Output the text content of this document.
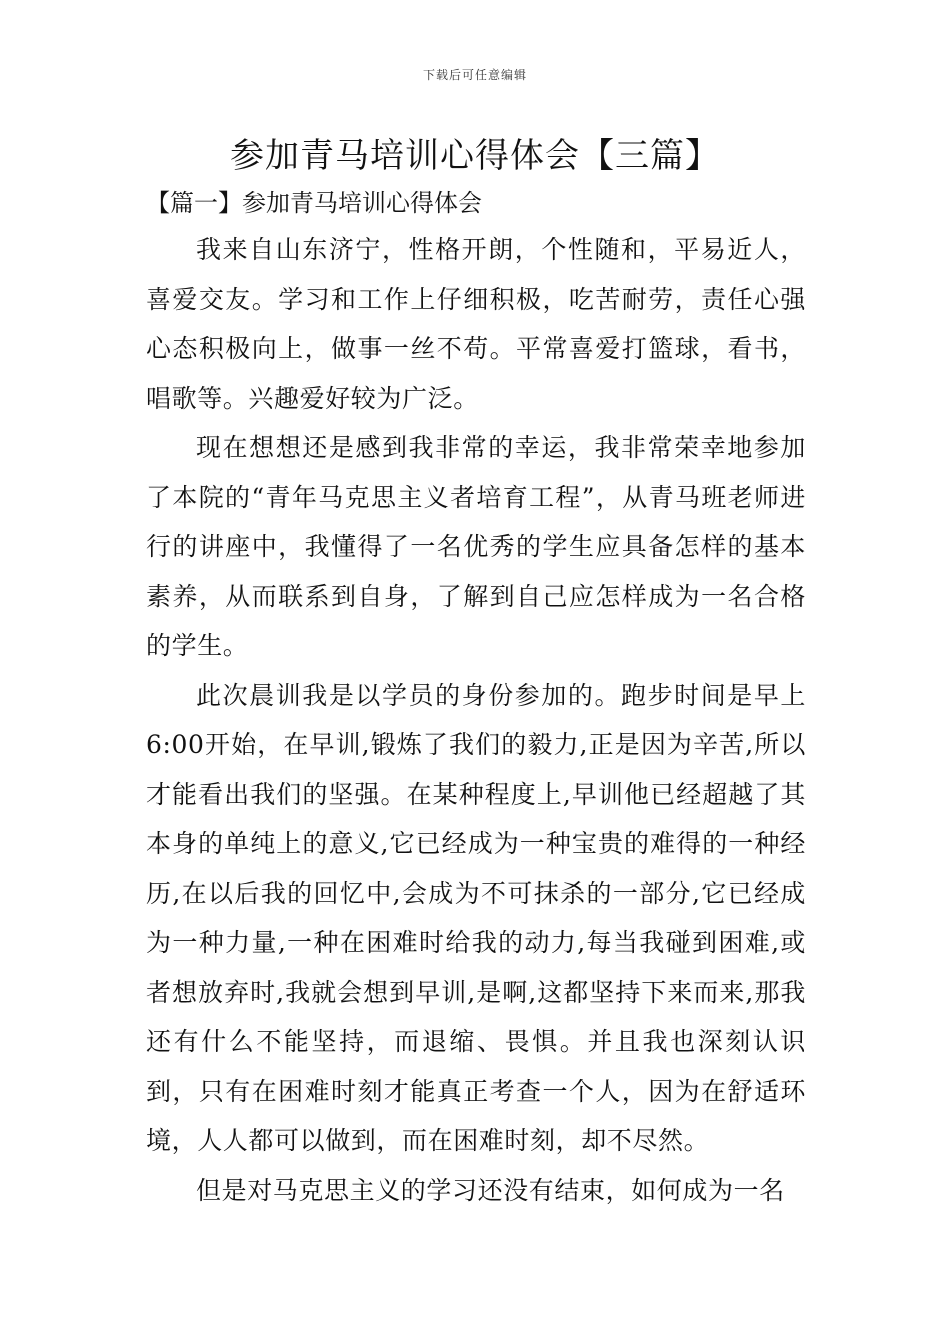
下载后可任意编辑
参加青马培训心得体会【三篇】
【篇一】参加青马培训心得体会

我来自山东济宁，性格开朗，个性随和，平易近人，喜爱交友。学习和工作上仔细积极，吃苦耐劳，责任心强心态积极向上，做事一丝不苟。平常喜爱打篮球，看书，唱歌等。兴趣爱好较为广泛。

现在想想还是感到我非常的幸运，我非常荣幸地参加了本院的“青年马克思主义者培育工程”，从青马班老师进行的讲座中，我懂得了一名优秀的学生应具备怎样的基本素养，从而联系到自身，了解到自己应怎样成为一名合格的学生。

此次晨训我是以学员的身份参加的。跑步时间是早上6:00开始，在早训,锻炼了我们的毅力,正是因为辛苦,所以才能看出我们的坚强。在某种程度上,早训他已经超越了其本身的单纯上的意义,它已经成为一种宝贵的难得的一种经历,在以后我的回忆中,会成为不可抹杀的一部分,它已经成为一种力量,一种在困难时给我的动力,每当我碰到困难,或者想放弃时,我就会想到早训,是啊,这都坚持下来而来,那我还有什么不能坚持，而退缩、畏惧。并且我也深刻认识到，只有在困难时刻才能真正考查一个人，因为在舒适环境，人人都可以做到，而在困难时刻，却不尽然。

但是对马克思主义的学习还没有结束，如何成为一名
